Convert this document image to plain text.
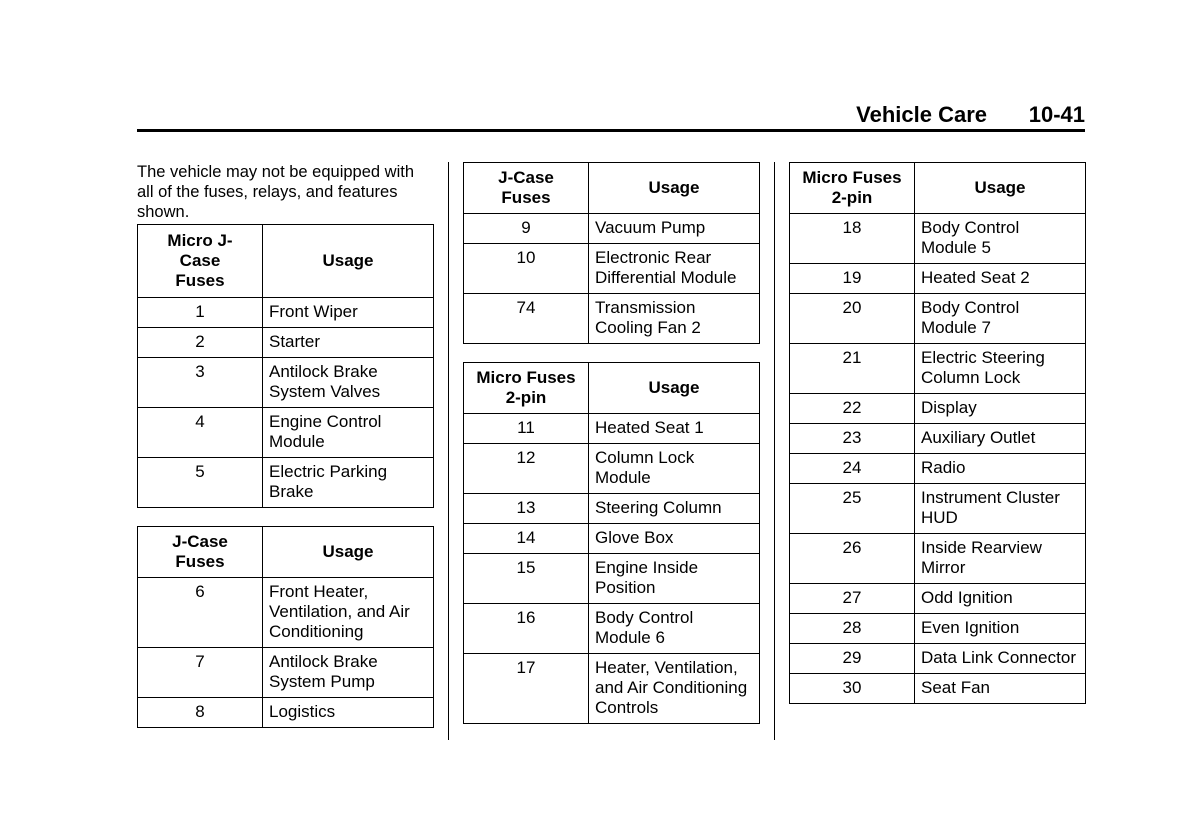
Vehicle Care 10-41

The vehicle may not be equipped with all of the fuses, relays, and features shown.

Micro J-Case Fuses	Usage
1	Front Wiper
2	Starter
3	Antilock Brake System Valves
4	Engine Control Module
5	Electric Parking Brake
J-Case Fuses	Usage
6	Front Heater, Ventilation, and Air Conditioning
7	Antilock Brake System Pump
8	Logistics
J-Case Fuses	Usage
9	Vacuum Pump
10	Electronic Rear Differential Module
74	Transmission Cooling Fan 2
Micro Fuses 2-pin	Usage
11	Heated Seat 1
12	Column Lock Module
13	Steering Column
14	Glove Box
15	Engine Inside Position
16	Body Control Module 6
17	Heater, Ventilation, and Air Conditioning Controls
Micro Fuses 2-pin	Usage
18	Body Control Module 5
19	Heated Seat 2
20	Body Control Module 7
21	Electric Steering Column Lock
22	Display
23	Auxiliary Outlet
24	Radio
25	Instrument Cluster HUD
26	Inside Rearview Mirror
27	Odd Ignition
28	Even Ignition
29	Data Link Connector
30	Seat Fan
